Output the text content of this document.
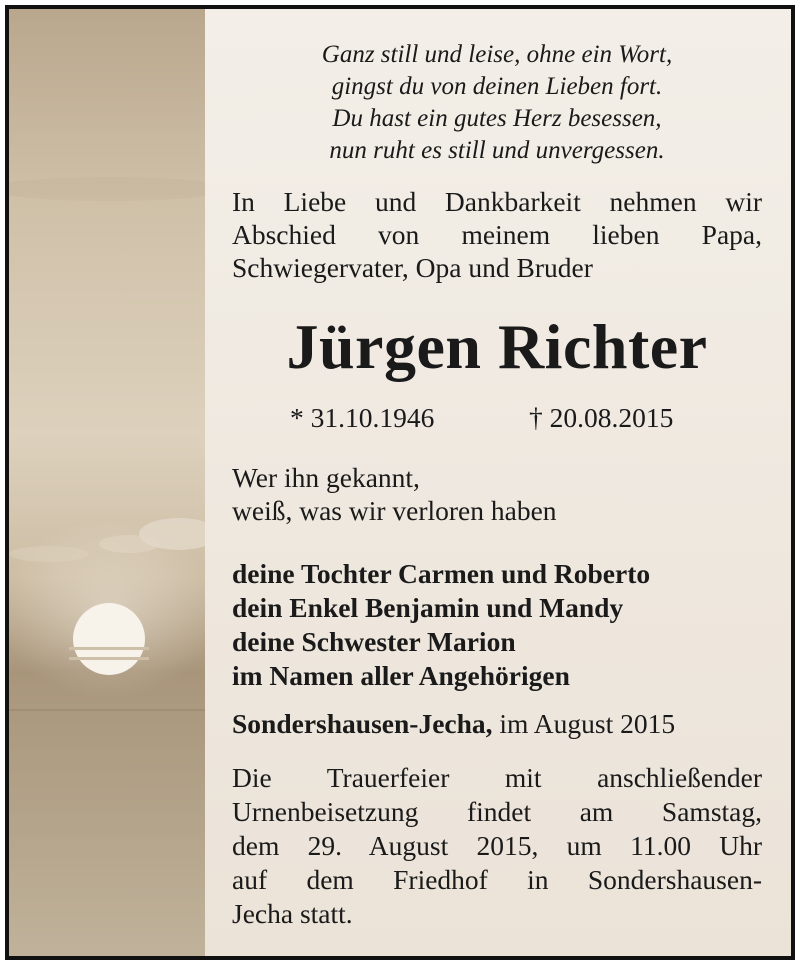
Ganz still und leise, ohne ein Wort,
gingst du von deinen Lieben fort.
Du hast ein gutes Herz besessen,
nun ruht es still und unvergessen.
In Liebe und Dankbarkeit nehmen wir
Abschied von meinem lieben Papa,
Schwiegervater, Opa und Bruder
Jürgen Richter
* 31.10.1946	† 20.08.2015
Wer ihn gekannt,
weiß, was wir verloren haben
deine Tochter Carmen und Roberto
dein Enkel Benjamin und Mandy
deine Schwester Marion
im Namen aller Angehörigen
Sondershausen-Jecha, im August 2015
Die Trauerfeier mit anschließender
Urnenbeisetzung findet am Samstag,
dem 29. August 2015, um 11.00 Uhr
auf dem Friedhof in Sondershausen-
Jecha statt.
